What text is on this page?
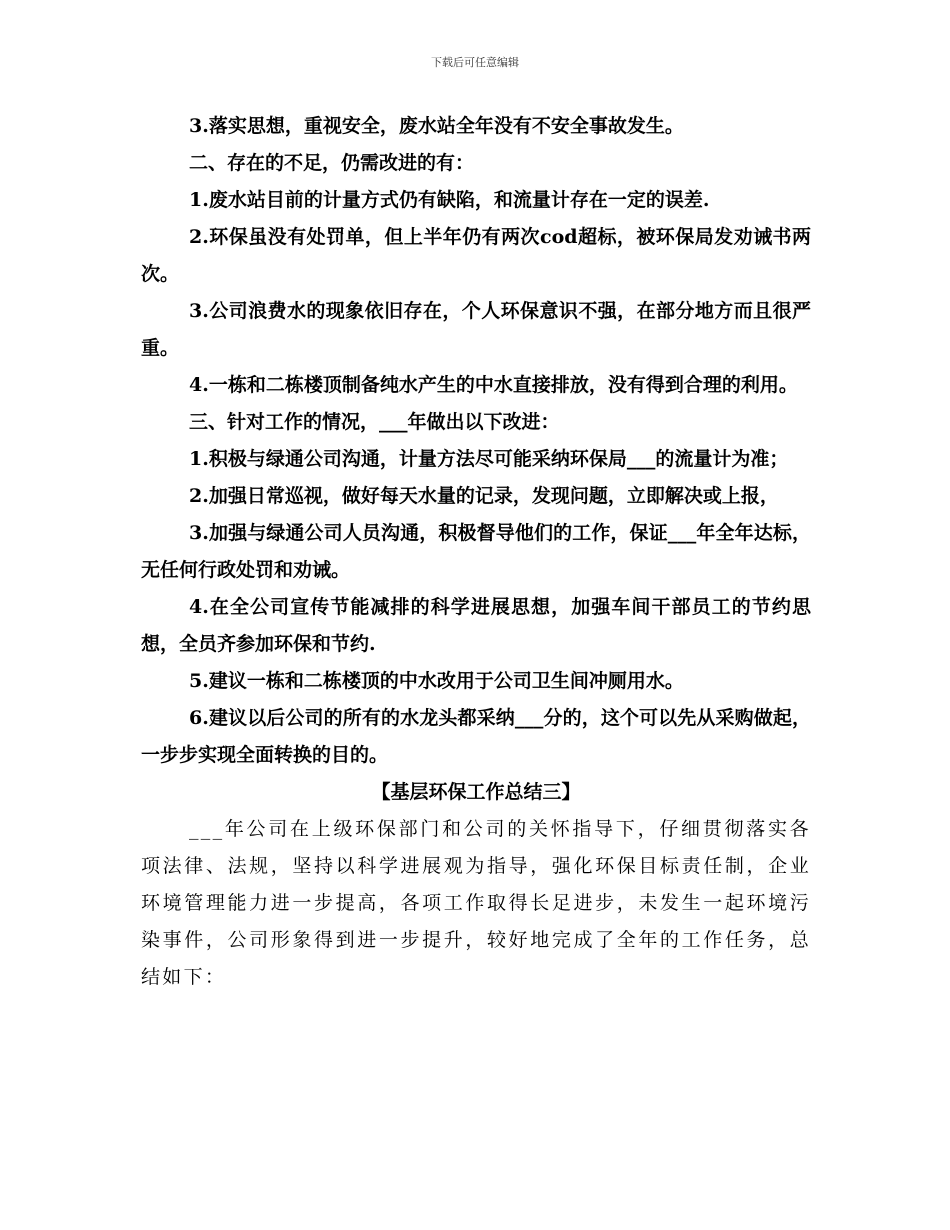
下载后可任意编辑

3.落实思想，重视安全，废水站全年没有不安全事故发生。

二、存在的不足，仍需改进的有：

1.废水站目前的计量方式仍有缺陷，和流量计存在一定的误差.

2.环保虽没有处罚单，但上半年仍有两次cod超标，被环保局发劝诫书两次。

3.公司浪费水的现象依旧存在，个人环保意识不强，在部分地方而且很严重。

4.一栋和二栋楼顶制备纯水产生的中水直接排放，没有得到合理的利用。

三、针对工作的情况，___年做出以下改进：

1.积极与绿通公司沟通，计量方法尽可能采纳环保局___的流量计为准；

2.加强日常巡视，做好每天水量的记录，发现问题，立即解决或上报，

3.加强与绿通公司人员沟通，积极督导他们的工作，保证___年全年达标，无任何行政处罚和劝诫。

4.在全公司宣传节能减排的科学进展思想，加强车间干部员工的节约思想，全员齐参加环保和节约.

5.建议一栋和二栋楼顶的中水改用于公司卫生间冲厕用水。

6.建议以后公司的所有的水龙头都采纳___分的，这个可以先从采购做起，一步步实现全面转换的目的。

【基层环保工作总结三】

___年公司在上级环保部门和公司的关怀指导下，仔细贯彻落实各项法律、法规，坚持以科学进展观为指导，强化环保目标责任制，企业环境管理能力进一步提高，各项工作取得长足进步，未发生一起环境污染事件，公司形象得到进一步提升，较好地完成了全年的工作任务，总结如下：
